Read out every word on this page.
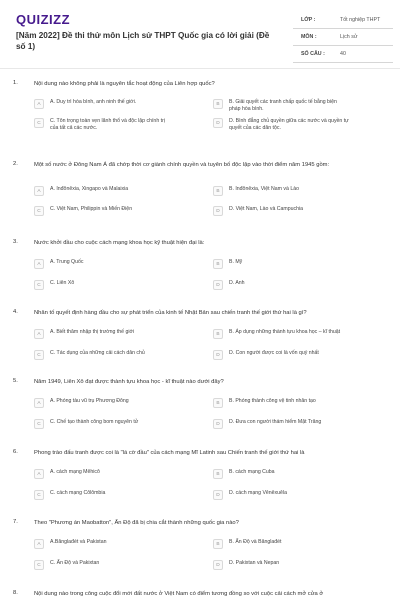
QUIZIZZ
[Năm 2022] Đề thi thử môn Lịch sử THPT Quốc gia có lời giải (Đề số 1)
LỚP :	Tốt nghiệp THPT
MÔN :	Lịch sử
SỐ CÂU :	40
1.	Nội dung nào không phải là nguyên tắc hoạt động của Liên hợp quốc?
A	A. Duy trì hòa bình, anh ninh thế giới.	B	B. Giải quyết các tranh chấp quốc tế bằng biện
pháp hòa bình.
C	C. Tôn trọng toàn vẹn lãnh thổ và độc lập chính trị
của tất cả các nước.
D	D. Bình đẳng chủ quyền giữa các nước và quyền tự
quyết của các dân tộc.
2.	Một số nước ở Đông Nam Á đã chớp thời cơ giành chính quyền và tuyên bố độc lập vào thời điểm năm 1945 gồm:
A	A. Inđônêxia, Xingapo và Malaixia	B	B. Inđônêxia, Việt Nam và Lào
C	C. Việt Nam, Philippin và Miến Điện	D	D. Việt Nam, Lào và Campuchia
3.	Nước khởi đầu cho cuộc cách mạng khoa học kỹ thuật hiện đại là:
A	A. Trung Quốc	B	B. Mỹ
C	C. Liên Xô	D	D. Anh
4.	Nhân tố quyết định hàng đầu cho sự phát triển của kinh tế Nhật Bản sau chiến tranh thế giới thứ hai là gì?
A	A. Biết thâm nhập thị trường thế giới	B	B. Áp dụng những thành tựu khoa học – kĩ thuật
C	C. Tác dụng của những cải cách dân chủ	D	D. Con người được coi là vốn quý nhất
5.	Năm 1949, Liên Xô đạt được thành tựu khoa học - kĩ thuật nào dưới đây?
A	A. Phóng tàu vũ trụ Phương Đông	B	B. Phóng thành công vệ tinh nhân tạo
C	C. Chế tạo thành công bom nguyên tử	D	D. Đưa con người thám hiểm Mặt Trăng
6.	Phong trào đấu tranh được coi là "lá cờ đầu" của cách mạng Mĩ Latinh sau Chiến tranh thế giới thứ hai là
A	A. cách mạng Mêhicô	B	B. cách mạng Cuba
C	C. cách mạng Côlômbia	D	D. cách mạng Vênêxuêla
7.	Theo "Phương án Maobatton", Ấn Độ đã bị chia cắt thành những quốc gia nào?
A	A.Bănglađét và Pakixtan	B	B. Ấn Độ và Bănglađét
C	C. Ấn Độ và Pakixtan	D	D. Pakixtan và Nepan
8.	Nội dung nào trong công cuộc đổi mới đất nước ở Việt Nam có điểm tương đồng so với cuộc cải cách mở cửa ở
